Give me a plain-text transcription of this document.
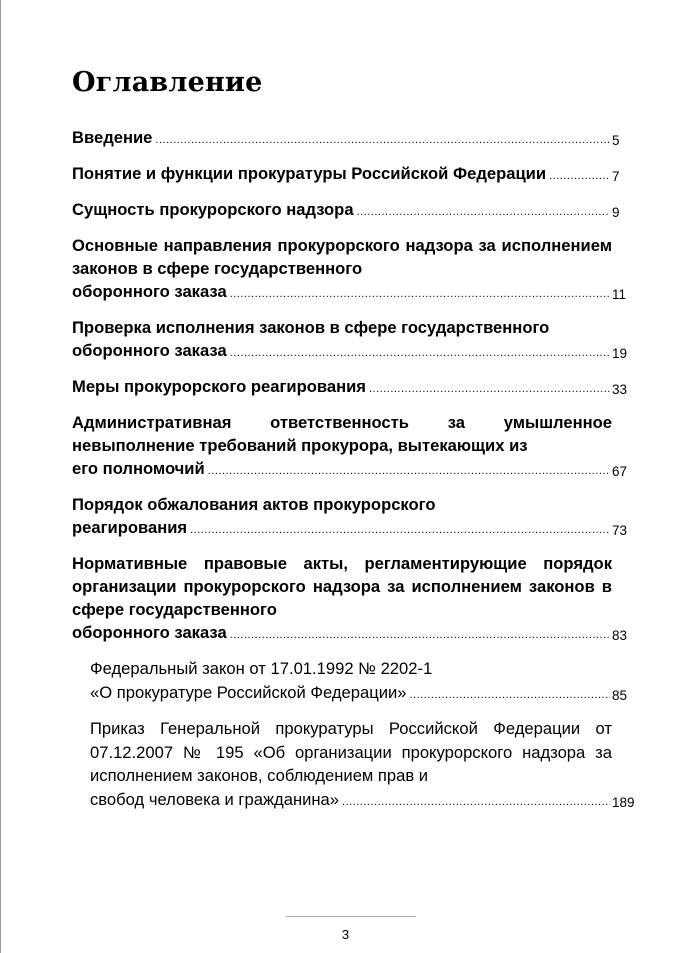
Оглавление
Введение .....	5
Понятие и функции прокуратуры Российской Федерации .....	7
Сущность прокурорского надзора .....	9
Основные направления прокурорского надзора за исполнением законов в сфере государственного
оборонного заказа .....	11
Проверка исполнения законов в сфере государственного
оборонного заказа .....	19
Меры прокурорского реагирования .....	33
Административная ответственность за умышленное невыполнение требований прокурора, вытекающих из
его полномочий .....	67
Порядок обжалования актов прокурорского
реагирования .....	73
Нормативные правовые акты, регламентирующие порядок организации прокурорского надзора за исполнением законов в сфере государственного
оборонного заказа .....	83
Федеральный закон от 17.01.1992 № 2202-1
«О прокуратуре Российской Федерации» .....	85
Приказ Генеральной прокуратуры Российской Федерации от 07.12.2007 № 195 «Об организации прокурорского надзора за исполнением законов, соблюдением прав и
свобод человека и гражданина» .....	189
3
